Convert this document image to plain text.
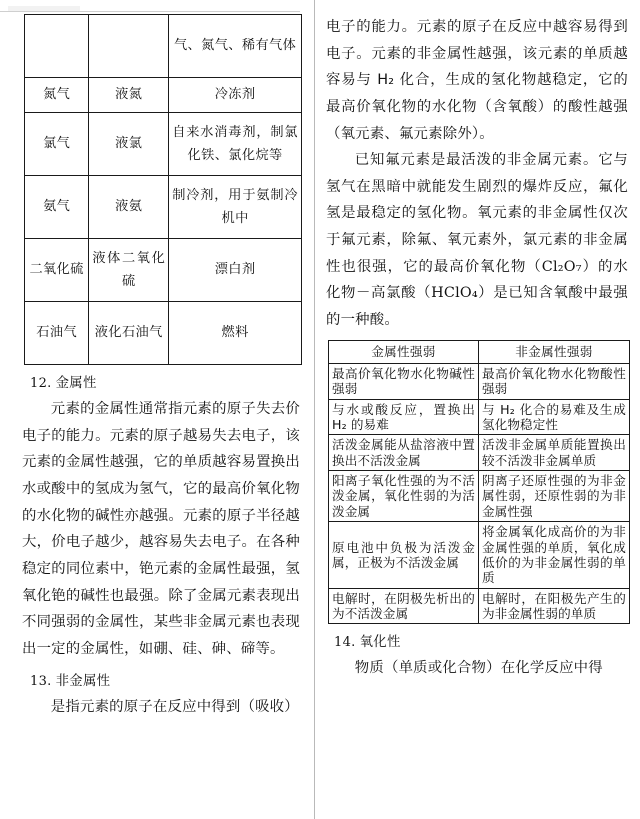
		气、氮气、稀有气体
氮气	液氮	冷冻剂
氯气	液氯	自来水消毒剂，制氯化铁、氯化烷等
氨气	液氨	制冷剂，用于氨制冷机中
二氧化硫	液体二氧化硫	漂白剂
石油气	液化石油气	燃料
12. 金属性

元素的金属性通常指元素的原子失去价电子的能力。元素的原子越易失去电子，该元素的金属性越强，它的单质越容易置换出水或酸中的氢成为氢气，它的最高价氧化物的水化物的碱性亦越强。元素的原子半径越大，价电子越少，越容易失去电子。在各种稳定的同位素中，铯元素的金属性最强，氢氧化铯的碱性也最强。除了金属元素表现出不同强弱的金属性，某些非金属元素也表现出一定的金属性，如硼、硅、砷、碲等。

13. 非金属性

是指元素的原子在反应中得到（吸收）

电子的能力。元素的原子在反应中越容易得到电子。元素的非金属性越强，该元素的单质越容易与 H₂ 化合，生成的氢化物越稳定，它的最高价氧化物的水化物（含氧酸）的酸性越强（氧元素、氟元素除外）。

已知氟元素是最活泼的非金属元素。它与氢气在黑暗中就能发生剧烈的爆炸反应，氟化氢是最稳定的氢化物。氧元素的非金属性仅次于氟元素，除氟、氧元素外，氯元素的非金属性也很强，它的最高价氧化物（Cl₂O₇）的水化物－高氯酸（HClO₄）是已知含氧酸中最强的一种酸。

金属性强弱	非金属性强弱
最高价氧化物水化物碱性强弱	最高价氧化物水化物酸性强弱
与水或酸反应，置换出 H₂ 的易难	与 H₂ 化合的易难及生成氢化物稳定性
活泼金属能从盐溶液中置换出不活泼金属	活泼非金属单质能置换出较不活泼非金属单质
阳离子氧化性强的为不活泼金属，氧化性弱的为活泼金属	阴离子还原性强的为非金属性弱，还原性弱的为非金属性强
原电池中负极为活泼金属，正极为不活泼金属	将金属氧化成高价的为非金属性强的单质，氧化成低价的为非金属性弱的单质
电解时，在阴极先析出的为不活泼金属	电解时，在阳极先产生的为非金属性弱的单质
14. 氧化性

物质（单质或化合物）在化学反应中得
